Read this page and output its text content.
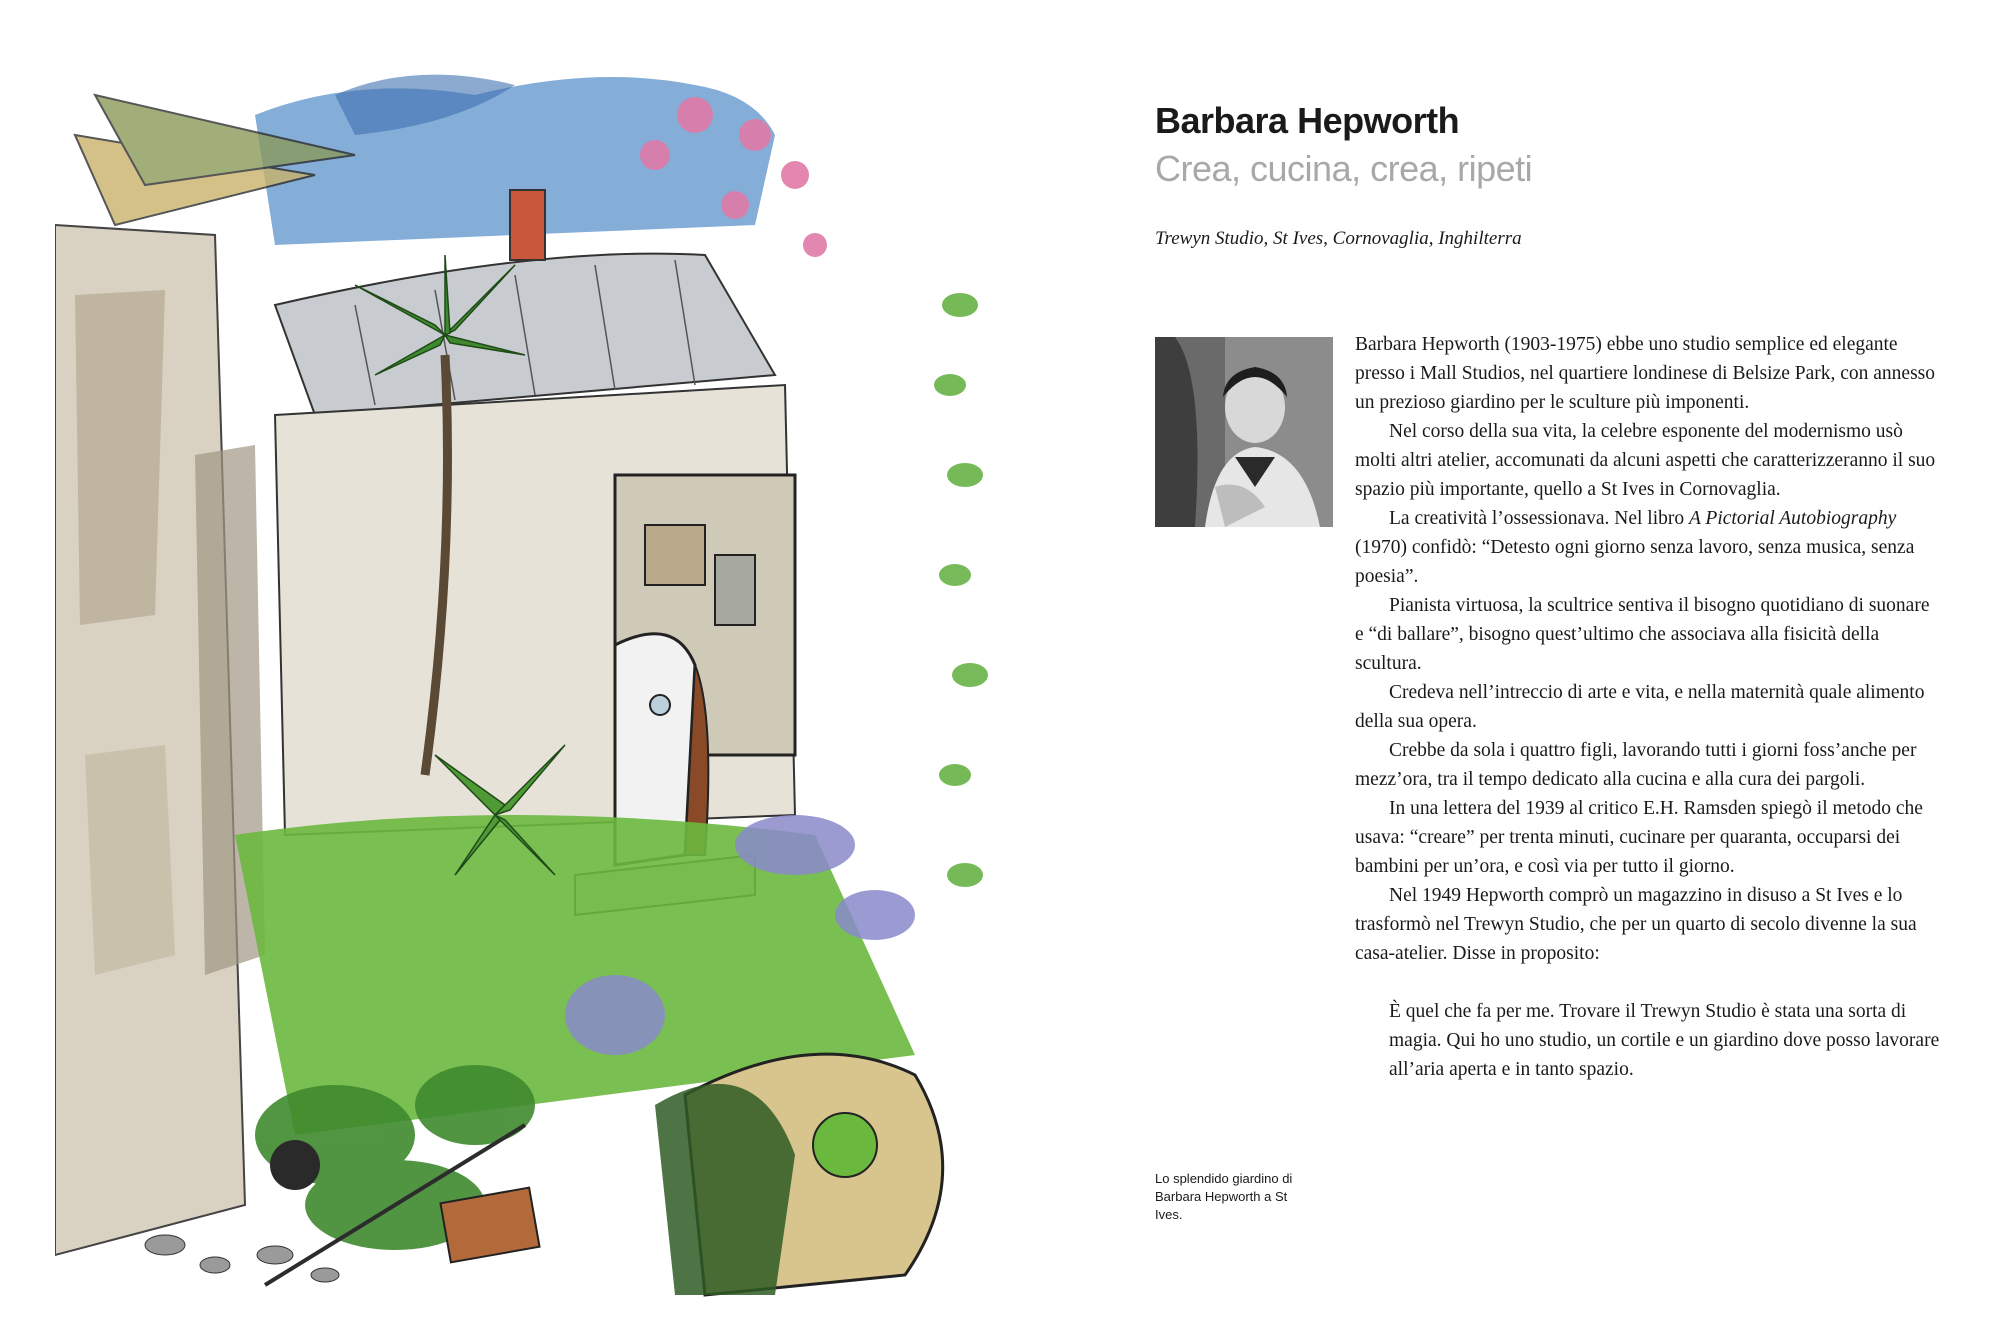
Barbara Hepworth
Crea, cucina, crea, ripeti

Trewyn Studio, St Ives, Cornovaglia, Inghilterra

Barbara Hepworth (1903-1975) ebbe uno studio semplice ed elegante presso i Mall Studios, nel quartiere londinese di Belsize Park, con annesso un prezioso giardino per le sculture più imponenti.

Nel corso della sua vita, la celebre esponente del modernismo usò molti altri atelier, accomunati da alcuni aspetti che caratterizzeranno il suo spazio più importante, quello a St Ives in Cornovaglia.

La creatività l’ossessionava. Nel libro A Pictorial Autobiography (1970) confidò: “Detesto ogni giorno senza lavoro, senza musica, senza poesia”.

Pianista virtuosa, la scultrice sentiva il bisogno quotidiano di suonare e “di ballare”, bisogno quest’ultimo che associava alla fisicità della scultura.

Credeva nell’intreccio di arte e vita, e nella maternità quale alimento della sua opera.

Crebbe da sola i quattro figli, lavorando tutti i giorni foss’anche per mezz’ora, tra il tempo dedicato alla cucina e alla cura dei pargoli.

In una lettera del 1939 al critico E.H. Ramsden spiegò il metodo che usava: “creare” per trenta minuti, cucinare per quaranta, occuparsi dei bambini per un’ora, e così via per tutto il giorno.

Nel 1949 Hepworth comprò un magazzino in disuso a St Ives e lo trasformò nel Trewyn Studio, che per un quarto di secolo divenne la sua casa-atelier. Disse in proposito:

È quel che fa per me. Trovare il Trewyn Studio è stata una sorta di magia. Qui ho uno studio, un cortile e un giardino dove posso lavorare all’aria aperta e in tanto spazio.

Lo splendido giardino di Barbara Hepworth a St Ives.
